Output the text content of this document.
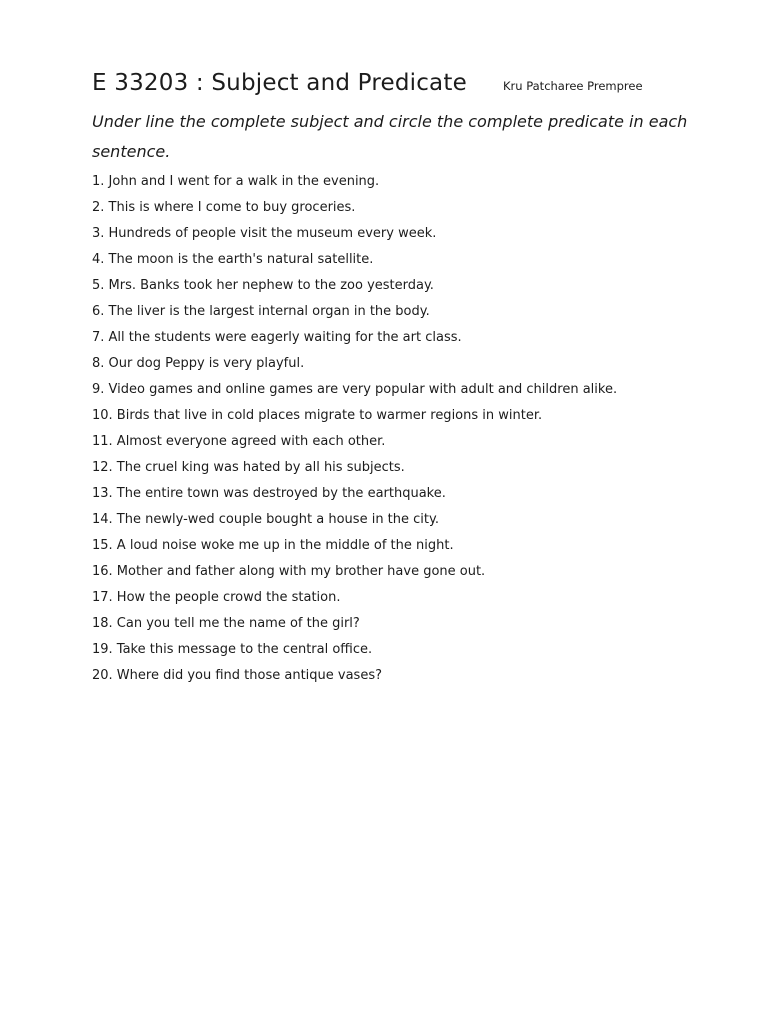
E 33203 : Subject and Predicate	Kru Patcharee Prempree
Under line the complete subject and circle the complete predicate in each sentence.
1. John and I went for a walk in the evening.
2. This is where I come to buy groceries.
3. Hundreds of people visit the museum every week.
4. The moon is the earth's natural satellite.
5. Mrs. Banks took her nephew to the zoo yesterday.
6. The liver is the largest internal organ in the body.
7. All the students were eagerly waiting for the art class.
8. Our dog Peppy is very playful.
9. Video games and online games are very popular with adult and children alike.
10. Birds that live in cold places migrate to warmer regions in winter.
11. Almost everyone agreed with each other.
12. The cruel king was hated by all his subjects.
13. The entire town was destroyed by the earthquake.
14. The newly-wed couple bought a house in the city.
15. A loud noise woke me up in the middle of the night.
16. Mother and father along with my brother have gone out.
17. How the people crowd the station.
18. Can you tell me the name of the girl?
19. Take this message to the central office.
20. Where did you find those antique vases?
